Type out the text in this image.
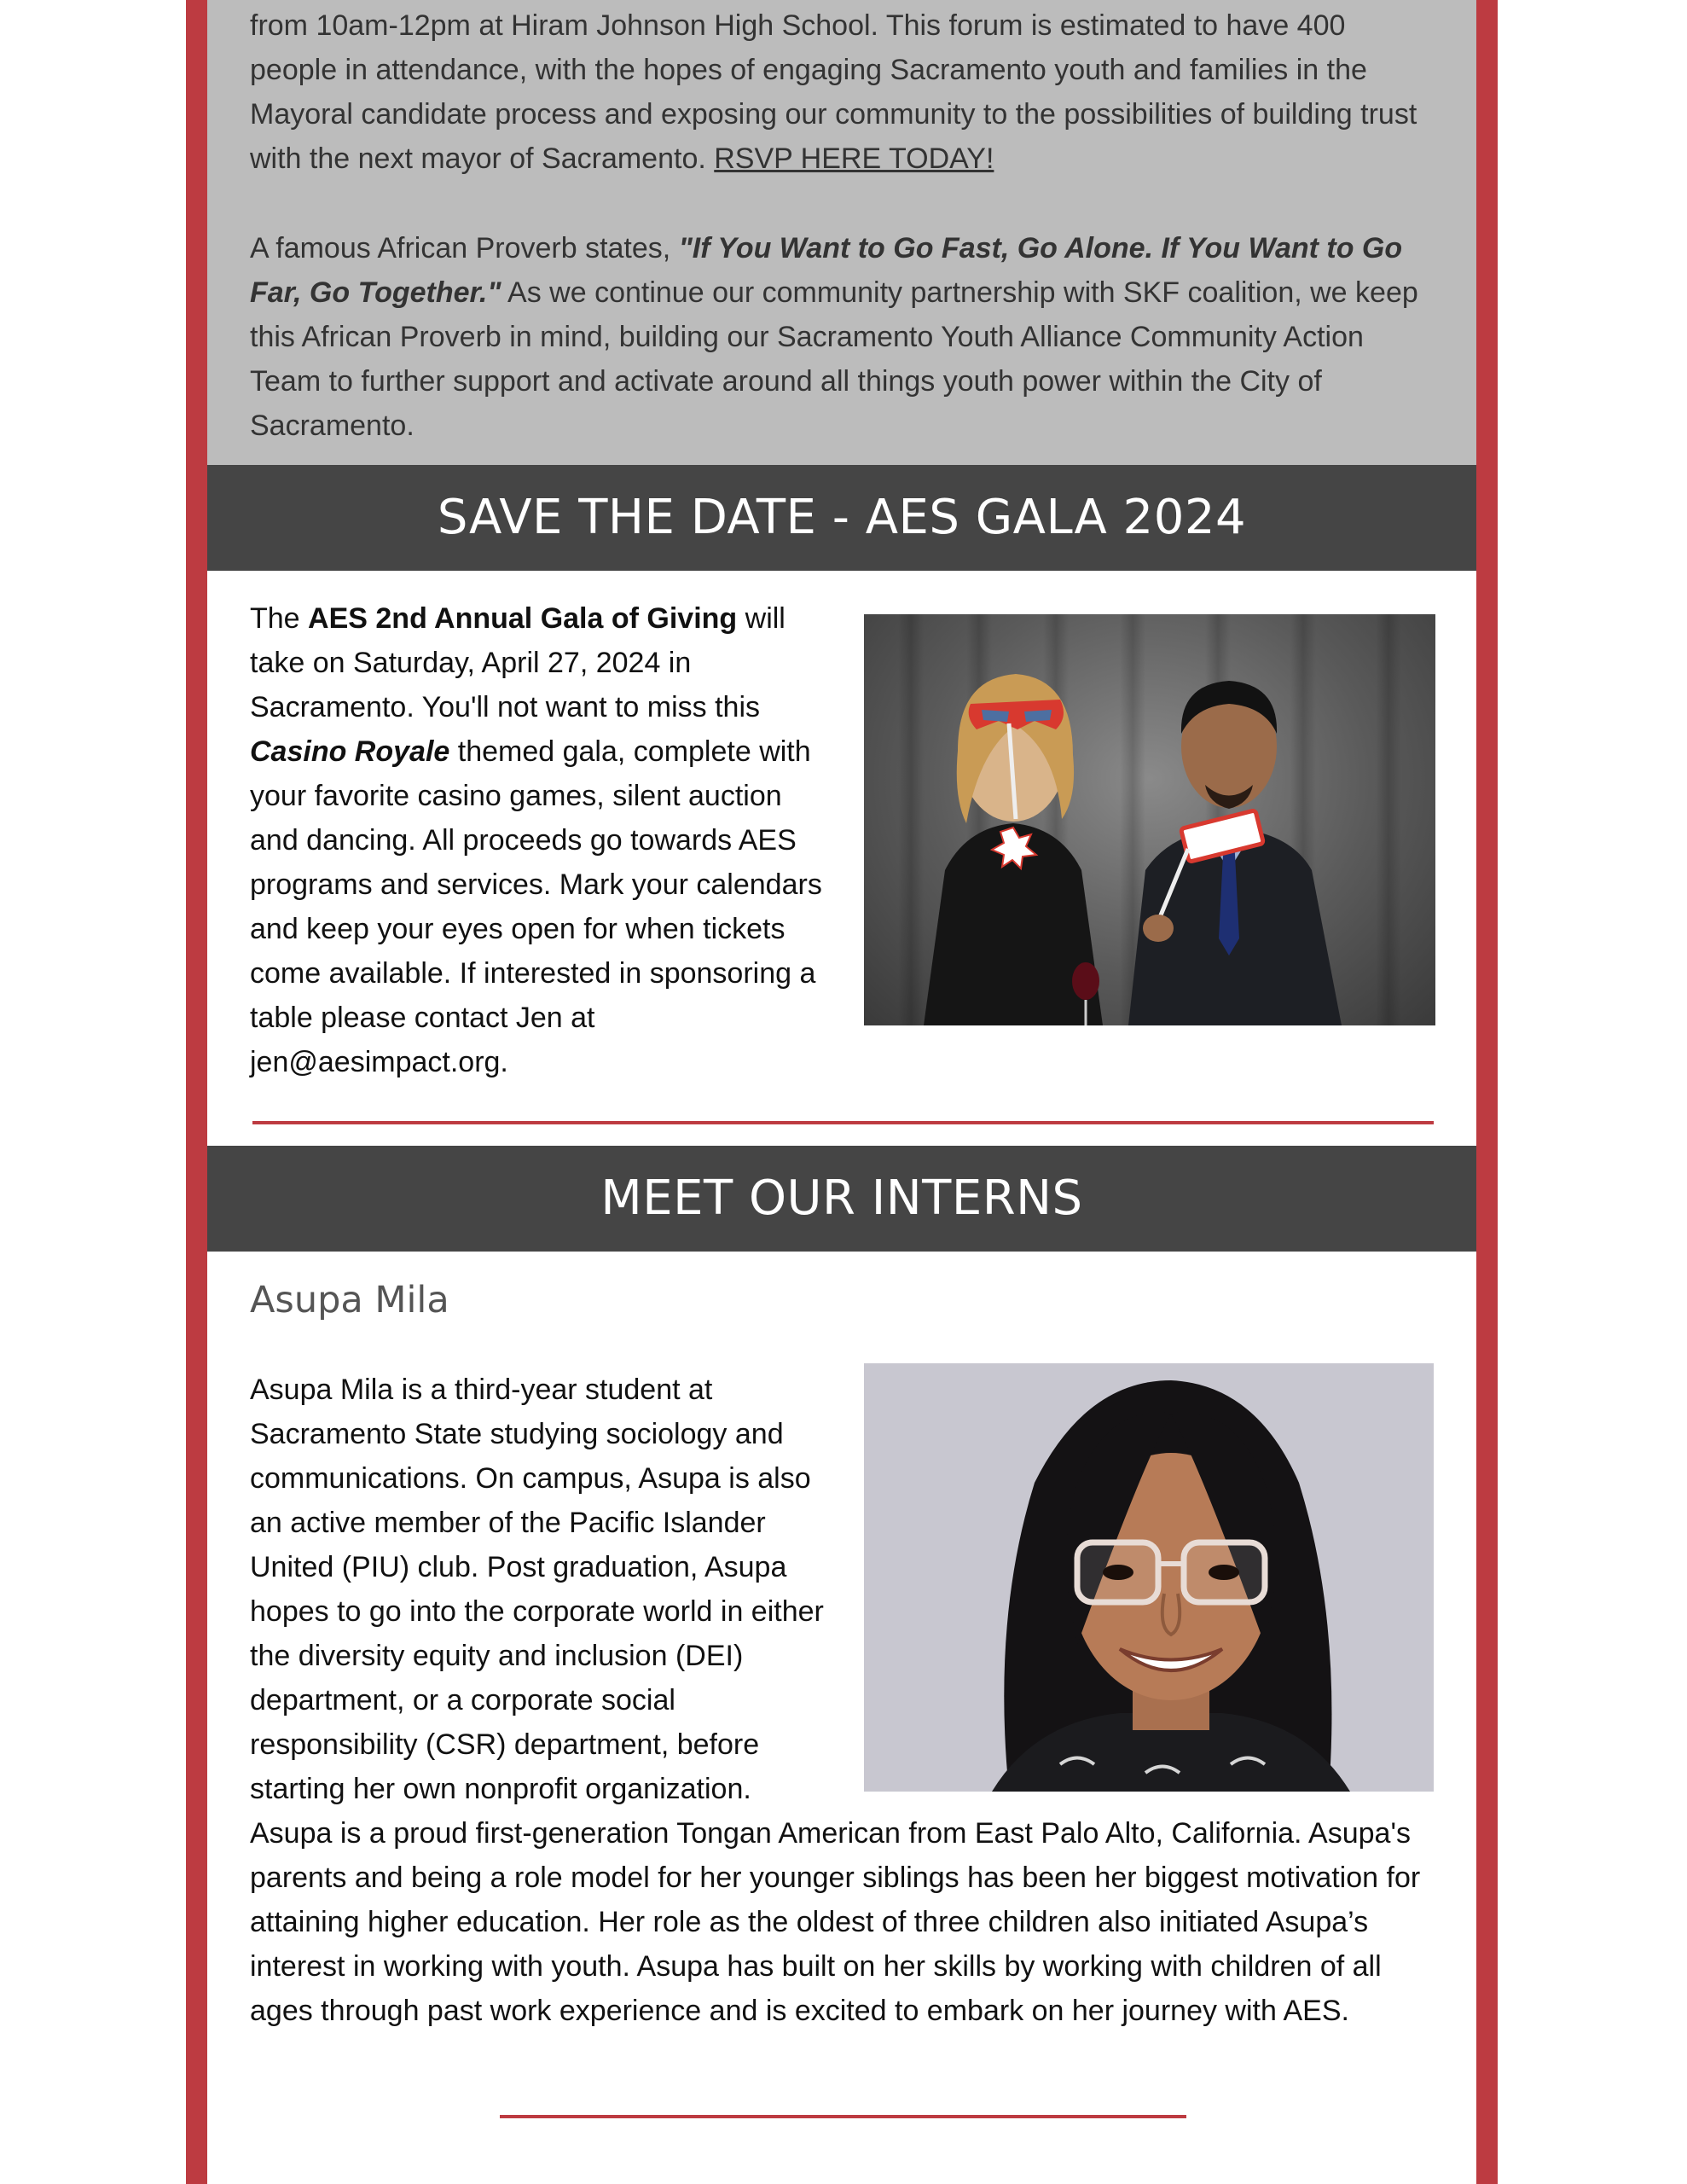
from 10am-12pm at Hiram Johnson High School. This forum is estimated to have 400 people in attendance, with the hopes of engaging Sacramento youth and families in the Mayoral candidate process and exposing our community to the possibilities of building trust with the next mayor of Sacramento. RSVP HERE TODAY!

A famous African Proverb states, "If You Want to Go Fast, Go Alone. If You Want to Go Far, Go Together." As we continue our community partnership with SKF coalition, we keep this African Proverb in mind, building our Sacramento Youth Alliance Community Action Team to further support and activate around all things youth power within the City of Sacramento.

SAVE THE DATE - AES GALA 2024

The AES 2nd Annual Gala of Giving will take on Saturday, April 27, 2024 in Sacramento. You'll not want to miss this Casino Royale themed gala, complete with your favorite casino games, silent auction and dancing. All proceeds go towards AES programs and services. Mark your calendars and keep your eyes open for when tickets come available. If interested in sponsoring a table please contact Jen at jen@aesimpact.org.

MEET OUR INTERNS
Asupa Mila

Asupa Mila is a third-year student at Sacramento State studying sociology and communications. On campus, Asupa is also an active member of the Pacific Islander United (PIU) club. Post graduation, Asupa hopes to go into the corporate world in either the diversity equity and inclusion (DEI) department, or a corporate social responsibility (CSR) department, before starting her own nonprofit organization.

Asupa is a proud first-generation Tongan American from East Palo Alto, California. Asupa's parents and being a role model for her younger siblings has been her biggest motivation for attaining higher education. Her role as the oldest of three children also initiated Asupa’s interest in working with youth. Asupa has built on her skills by working with children of all ages through past work experience and is excited to embark on her journey with AES.
